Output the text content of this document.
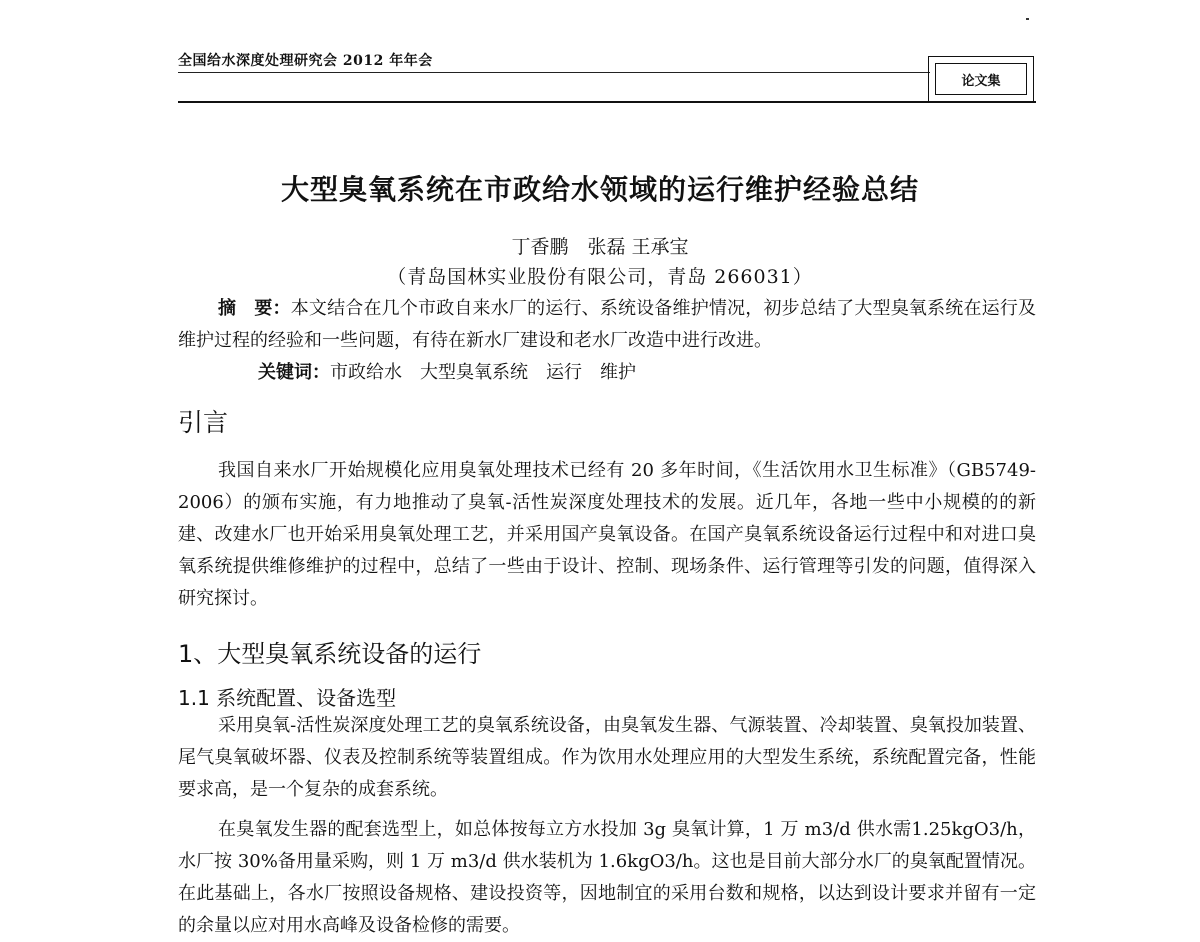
全国给水深度处理研究会 2012 年年会
论文集
大型臭氧系统在市政给水领域的运行维护经验总结
丁香鹏　张磊 王承宝
（青岛国林实业股份有限公司，青岛 266031）

摘　要：本文结合在几个市政自来水厂的运行、系统设备维护情况，初步总结了大型臭氧系统在运行及维护过程的经验和一些问题，有待在新水厂建设和老水厂改造中进行改进。

关键词：市政给水　大型臭氧系统　运行　维护

引言
我国自来水厂开始规模化应用臭氧处理技术已经有 20 多年时间，《生活饮用水卫生标准》（GB5749-2006）的颁布实施，有力地推动了臭氧-活性炭深度处理技术的发展。近几年，各地一些中小规模的的新建、改建水厂也开始采用臭氧处理工艺，并采用国产臭氧设备。在国产臭氧系统设备运行过程中和对进口臭氧系统提供维修维护的过程中，总结了一些由于设计、控制、现场条件、运行管理等引发的问题，值得深入研究探讨。
1、大型臭氧系统设备的运行
1.1 系统配置、设备选型
采用臭氧-活性炭深度处理工艺的臭氧系统设备，由臭氧发生器、气源装置、冷却装置、臭氧投加装置、尾气臭氧破坏器、仪表及控制系统等装置组成。作为饮用水处理应用的大型发生系统，系统配置完备，性能要求高，是一个复杂的成套系统。
在臭氧发生器的配套选型上，如总体按每立方水投加 3g 臭氧计算，1 万 m3/d 供水需1.25kgO3/h，水厂按 30%备用量采购，则 1 万 m3/d 供水装机为 1.6kgO3/h。这也是目前大部分水厂的臭氧配置情况。在此基础上，各水厂按照设备规格、建设投资等，因地制宜的采用台数和规格，以达到设计要求并留有一定的余量以应对用水高峰及设备检修的需要。
